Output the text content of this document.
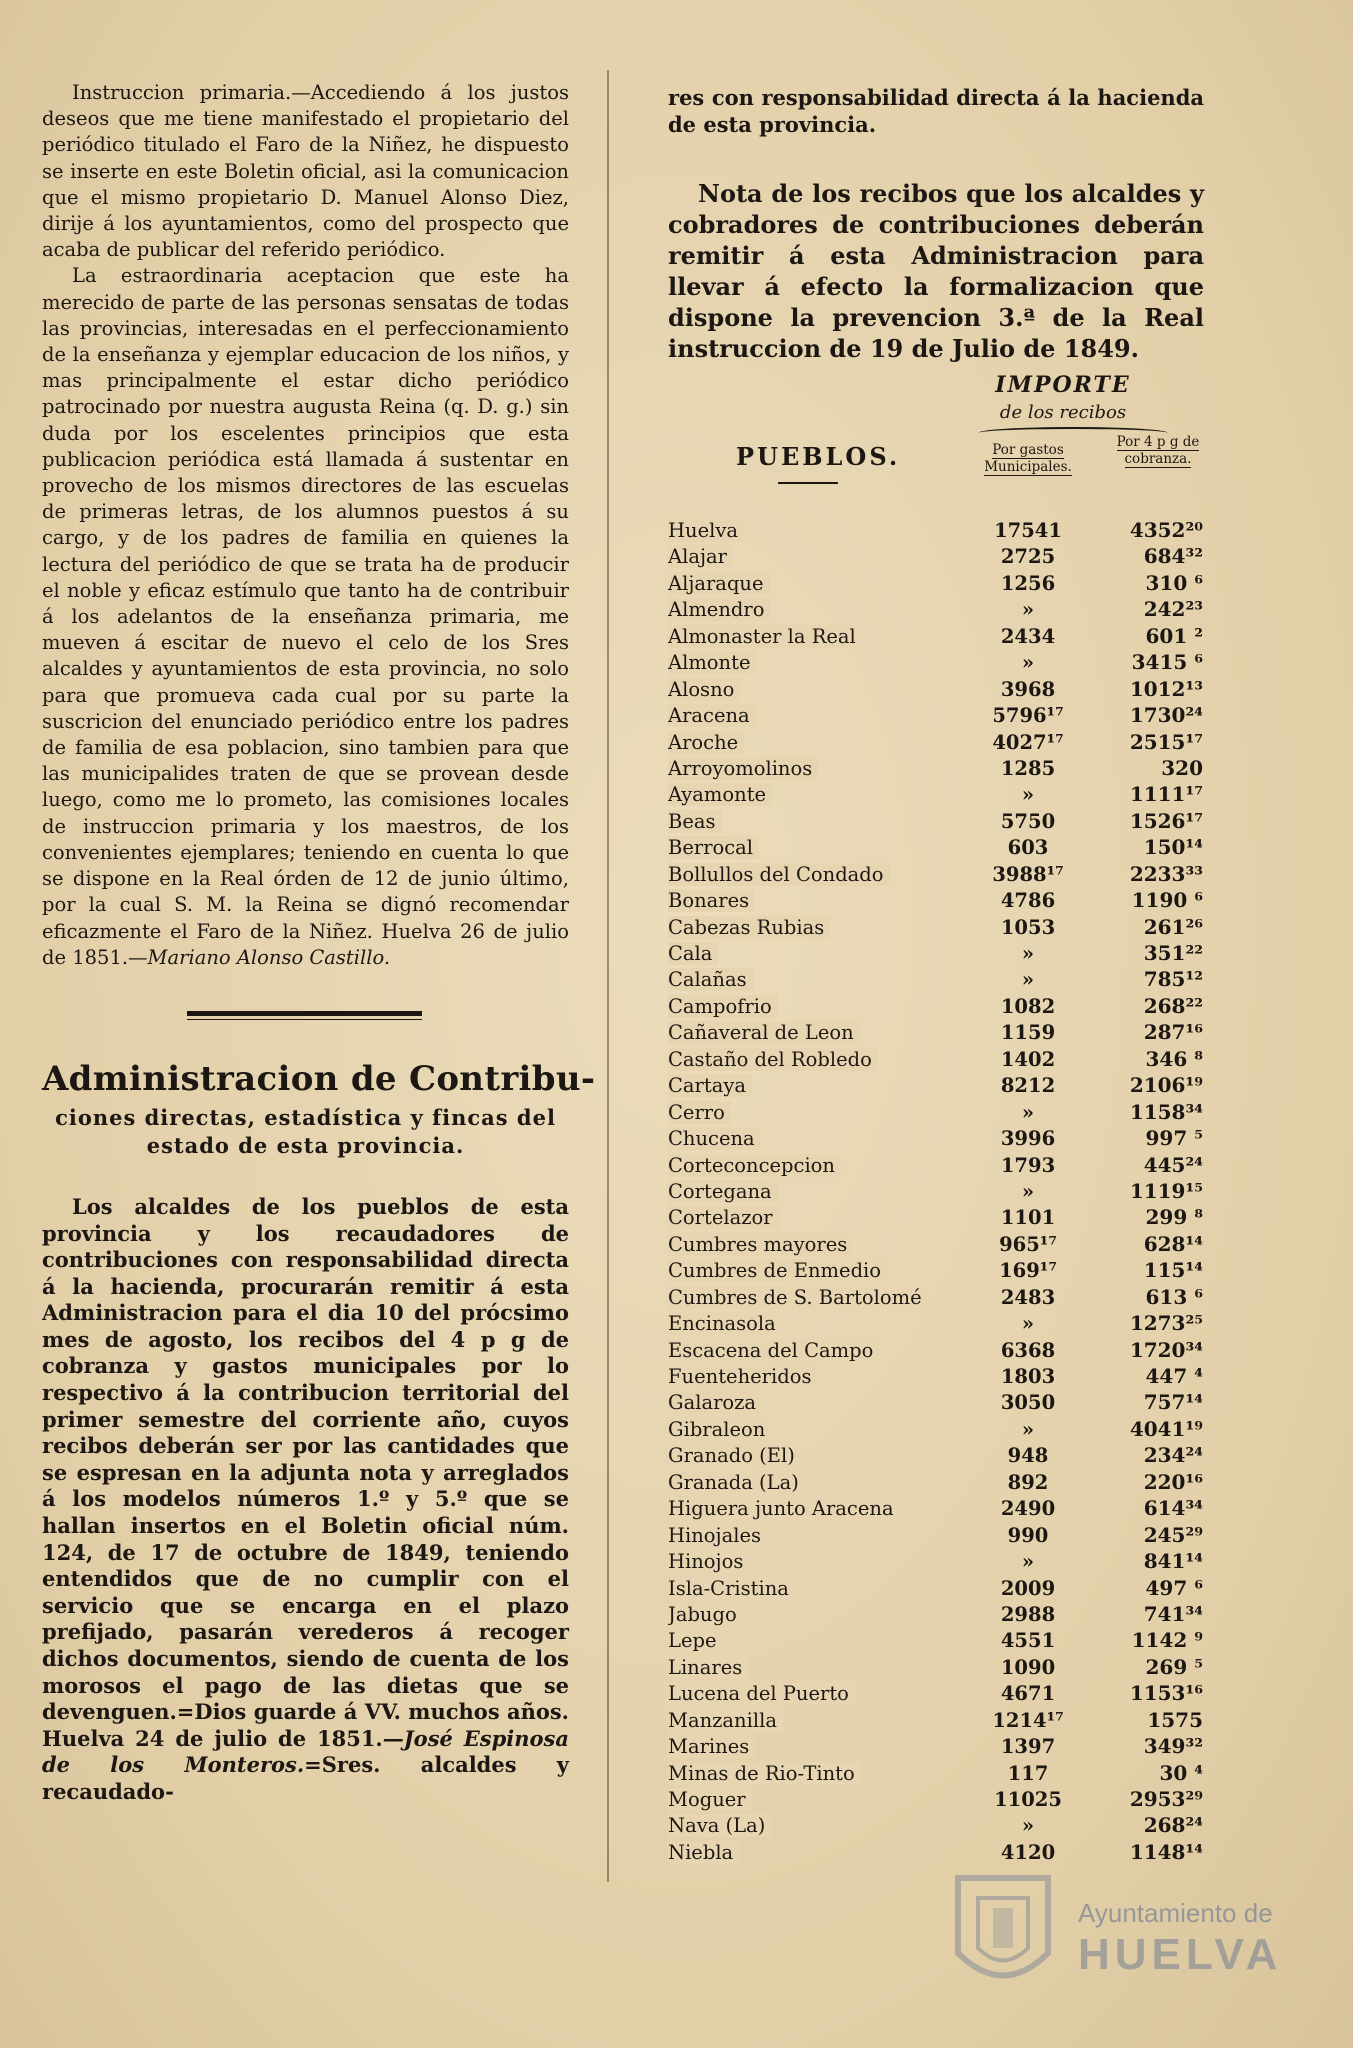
Instruccion primaria.—Accediendo á los justos deseos que me tiene manifestado el propietario del periódico titulado el Faro de la Niñez, he dispuesto se inserte en este Boletin oficial, asi la comunicacion que el mismo propietario D. Manuel Alonso Diez, dirije á los ayuntamientos, como del prospecto que acaba de publicar del referido periódico.

La estraordinaria aceptacion que este ha merecido de parte de las personas sensatas de todas las provincias, interesadas en el perfeccionamiento de la enseñanza y ejemplar educacion de los niños, y mas principalmente el estar dicho periódico patrocinado por nuestra augusta Reina (q. D. g.) sin duda por los escelentes principios que esta publicacion periódica está llamada á sustentar en provecho de los mismos directores de las escuelas de primeras letras, de los alumnos puestos á su cargo, y de los padres de familia en quienes la lectura del periódico de que se trata ha de producir el noble y eficaz estímulo que tanto ha de contribuir á los adelantos de la enseñanza primaria, me mueven á escitar de nuevo el celo de los Sres alcaldes y ayuntamientos de esta provincia, no solo para que promueva cada cual por su parte la suscricion del enunciado periódico entre los padres de familia de esa poblacion, sino tambien para que las municipalides traten de que se provean desde luego, como me lo prometo, las comisiones locales de instruccion primaria y los maestros, de los convenientes ejemplares; teniendo en cuenta lo que se dispone en la Real órden de 12 de junio último, por la cual S. M. la Reina se dignó recomendar eficazmente el Faro de la Niñez. Huelva 26 de julio de 1851.—Mariano Alonso Castillo.

Administracion de Contribu-

ciones directas, estadística y fincas del estado de esta provincia.

Los alcaldes de los pueblos de esta provincia y los recaudadores de contribuciones con responsabilidad directa á la hacienda, procurarán remitir á esta Administracion para el dia 10 del prócsimo mes de agosto, los recibos del 4 p g de cobranza y gastos municipales por lo respectivo á la contribucion territorial del primer semestre del corriente año, cuyos recibos deberán ser por las cantidades que se espresan en la adjunta nota y arreglados á los modelos números 1.º y 5.º que se hallan insertos en el Boletin oficial núm. 124, de 17 de octubre de 1849, teniendo entendidos que de no cumplir con el servicio que se encarga en el plazo prefijado, pasarán verederos á recoger dichos documentos, siendo de cuenta de los morosos el pago de las dietas que se devenguen.=Dios guarde á VV. muchos años. Huelva 24 de julio de 1851.—José Espinosa de los Monteros.=Sres. alcaldes y recaudado-

res con responsabilidad directa á la hacienda de esta provincia.

Nota de los recibos que los alcaldes y cobradores de contribuciones deberán remitir á esta Administracion para llevar á efecto la formalizacion que dispone la prevencion 3.ª de la Real instruccion de 19 de Julio de 1849.

IMPORTE
de los recibos
PUEBLOS.	Por gastos Municipales.
Por 4 p g de cobranza.
Huelva	17541	4352²⁰
Alajar	2725	684³²
Aljaraque	1256	310 ⁶
Almendro	»	242²³
Almonaster la Real	2434	601 ²
Almonte	»	3415 ⁶
Alosno	3968	1012¹³
Aracena	5796¹⁷	1730²⁴
Aroche	4027¹⁷	2515¹⁷
Arroyomolinos	1285	320
Ayamonte	»	1111¹⁷
Beas	5750	1526¹⁷
Berrocal	603	150¹⁴
Bollullos del Condado	3988¹⁷	2233³³
Bonares	4786	1190 ⁶
Cabezas Rubias	1053	261²⁶
Cala	»	351²²
Calañas	»	785¹²
Campofrio	1082	268²²
Cañaveral de Leon	1159	287¹⁶
Castaño del Robledo	1402	346 ⁸
Cartaya	8212	2106¹⁹
Cerro	»	1158³⁴
Chucena	3996	997 ⁵
Corteconcepcion	1793	445²⁴
Cortegana	»	1119¹⁵
Cortelazor	1101	299 ⁸
Cumbres mayores	965¹⁷	628¹⁴
Cumbres de Enmedio	169¹⁷	115¹⁴
Cumbres de S. Bartolomé	2483	613 ⁶
Encinasola	»	1273²⁵
Escacena del Campo	6368	1720³⁴
Fuenteheridos	1803	447 ⁴
Galaroza	3050	757¹⁴
Gibraleon	»	4041¹⁹
Granado (El)	948	234²⁴
Granada (La)	892	220¹⁶
Higuera junto Aracena	2490	614³⁴
Hinojales	990	245²⁹
Hinojos	»	841¹⁴
Isla-Cristina	2009	497 ⁶
Jabugo	2988	741³⁴
Lepe	4551	1142 ⁹
Linares	1090	269 ⁵
Lucena del Puerto	4671	1153¹⁶
Manzanilla	1214¹⁷	1575
Marines	1397	349³²
Minas de Rio-Tinto	117	30 ⁴
Moguer	11025	2953²⁹
Nava (La)	»	268²⁴
Niebla	4120	1148¹⁴
Ayuntamiento de
HUELVA
